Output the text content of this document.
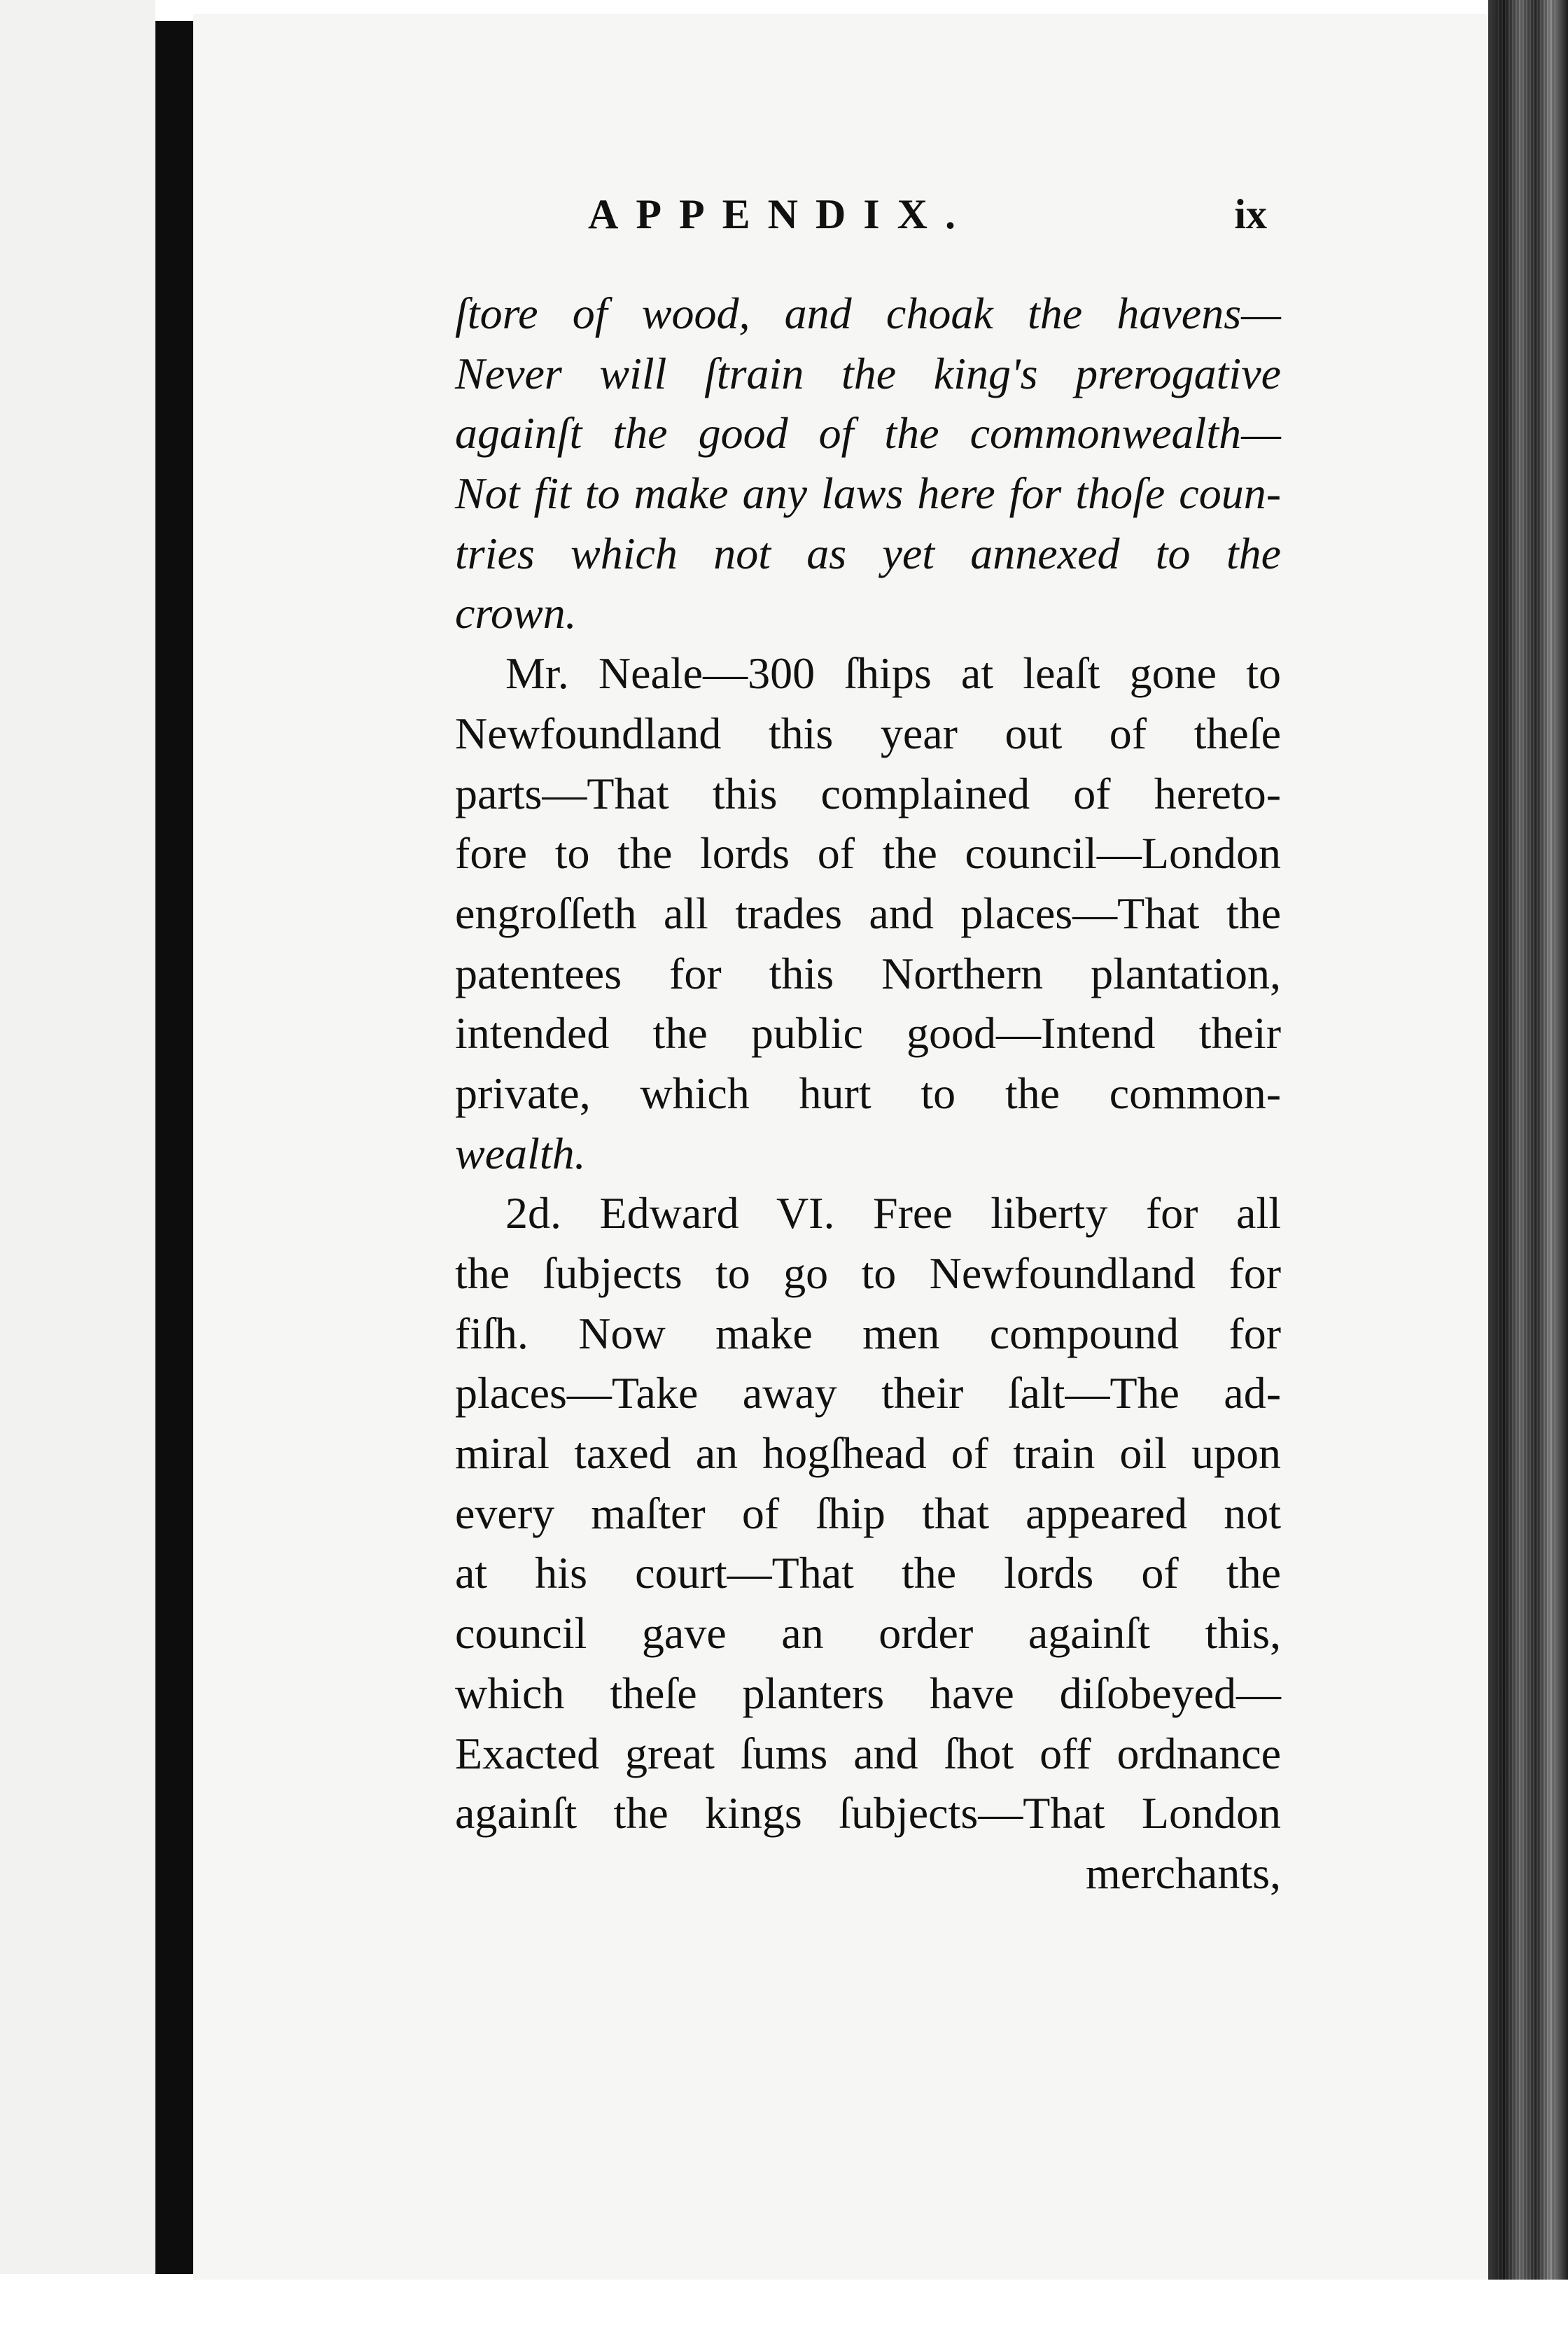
APPENDIX.	ix
ſtore of wood, and choak the havens—
Never will ſtrain the king's prerogative
againſt the good of the commonwealth—
Not fit to make any laws here for thoſe coun-
tries which not as yet annexed to the
crown.
Mr. Neale—300 ſhips at leaſt gone to
Newfoundland this year out of theſe
parts—That this complained of hereto-
fore to the lords of the council—London
engroſſeth all trades and places—That the
patentees for this Northern plantation,
intended the public good—Intend their
private, which hurt to the common-
wealth.
2d. Edward VI. Free liberty for all
the ſubjects to go to Newfoundland for
fiſh. Now make men compound for
places—Take away their ſalt—The ad-
miral taxed an hogſhead of train oil upon
every maſter of ſhip that appeared not
at his court—That the lords of the
council gave an order againſt this,
which theſe planters have diſobeyed—
Exacted great ſums and ſhot off ordnance
againſt the kings ſubjects—That London
merchants,
